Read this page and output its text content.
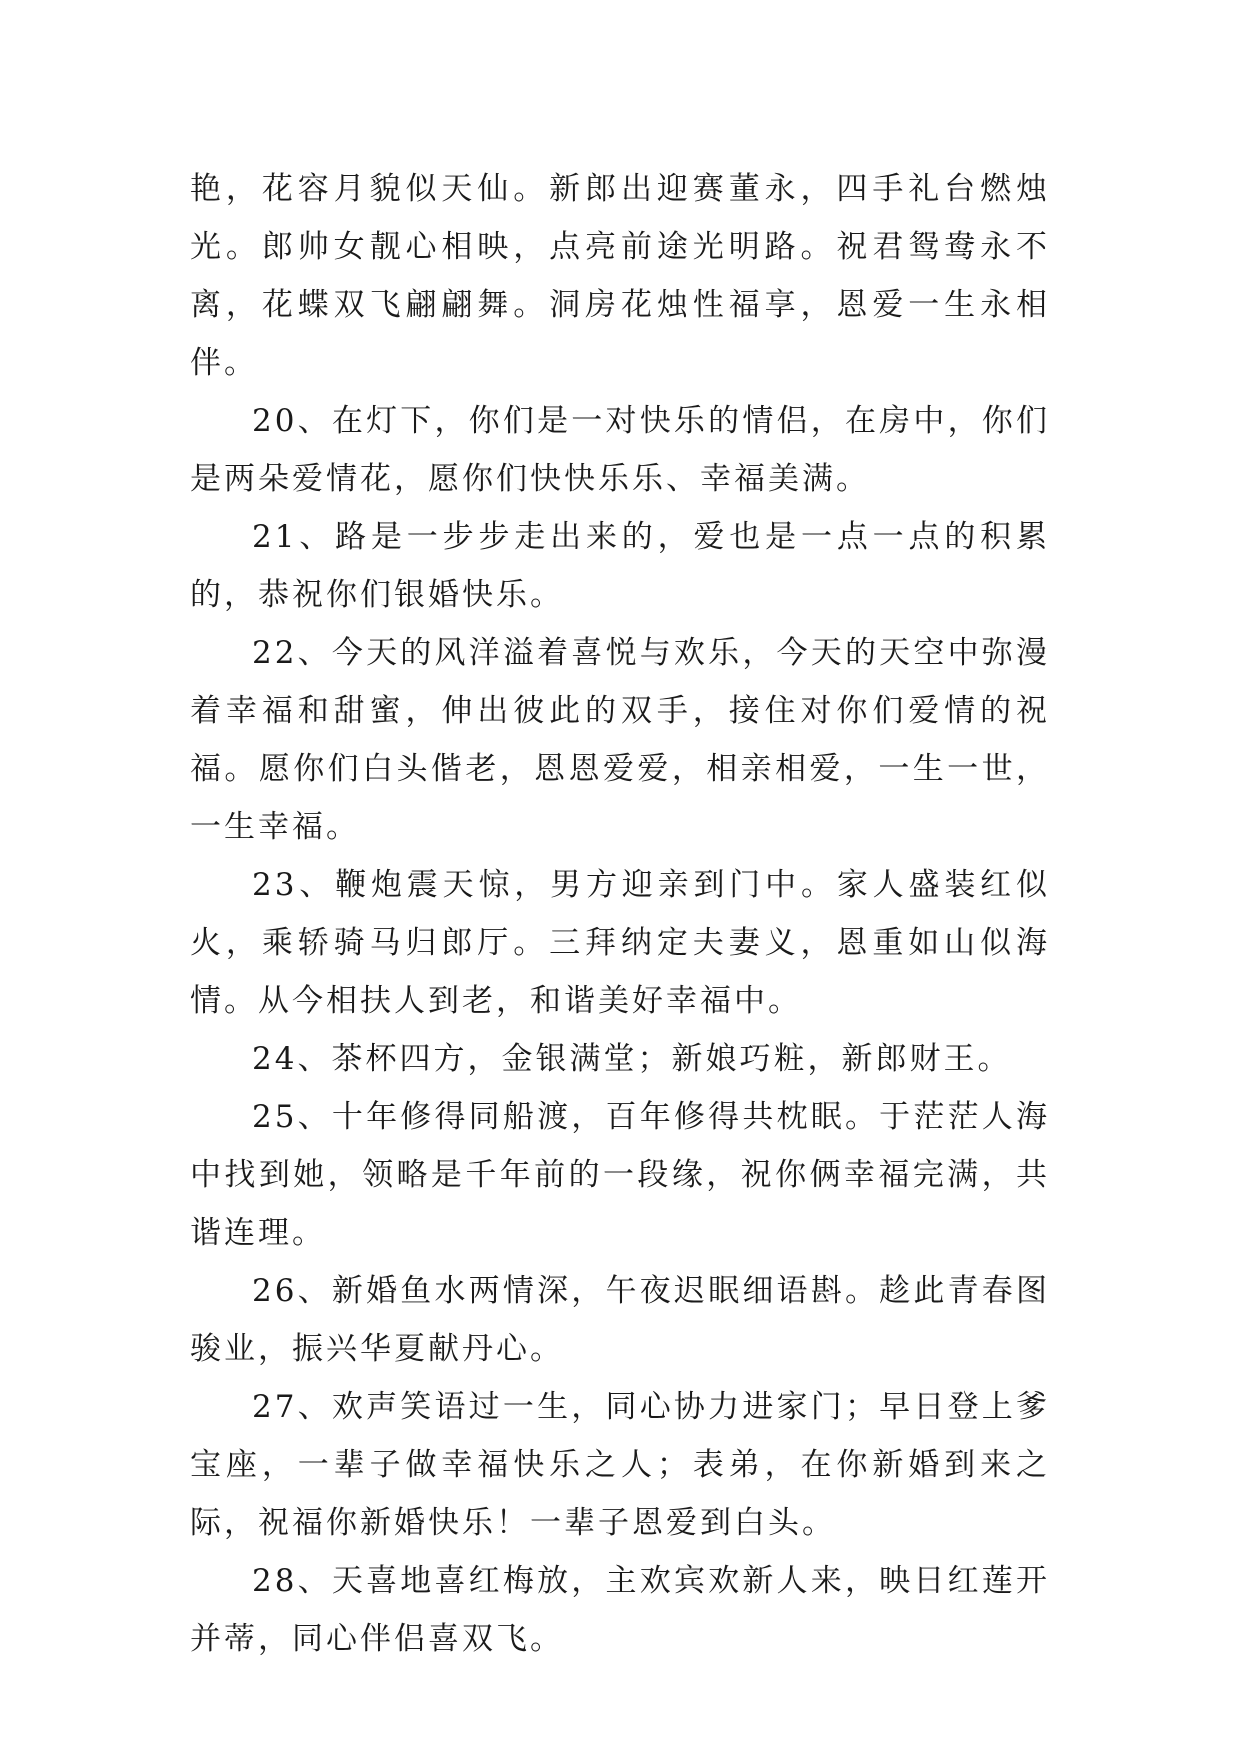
艳，花容月貌似天仙。新郎出迎赛董永，四手礼台燃烛光。郎帅女靓心相映，点亮前途光明路。祝君鸳鸯永不离，花蝶双飞翩翩舞。洞房花烛性福享，恩爱一生永相伴。

20、在灯下，你们是一对快乐的情侣，在房中，你们是两朵爱情花，愿你们快快乐乐、幸福美满。

21、路是一步步走出来的，爱也是一点一点的积累的，恭祝你们银婚快乐。

22、今天的风洋溢着喜悦与欢乐，今天的天空中弥漫着幸福和甜蜜，伸出彼此的双手，接住对你们爱情的祝福。愿你们白头偕老，恩恩爱爱，相亲相爱，一生一世，一生幸福。

23、鞭炮震天惊，男方迎亲到门中。家人盛装红似火，乘轿骑马归郎厅。三拜纳定夫妻义，恩重如山似海情。从今相扶人到老，和谐美好幸福中。

24、茶杯四方，金银满堂；新娘巧粧，新郎财王。

25、十年修得同船渡，百年修得共枕眠。于茫茫人海中找到她，领略是千年前的一段缘，祝你俩幸福完满，共谐连理。

26、新婚鱼水两情深，午夜迟眠细语斟。趁此青春图骏业，振兴华夏献丹心。

27、欢声笑语过一生，同心协力进家门；早日登上爹宝座，一辈子做幸福快乐之人；表弟，在你新婚到来之际，祝福你新婚快乐！一辈子恩爱到白头。

28、天喜地喜红梅放，主欢宾欢新人来，映日红莲开并蒂，同心伴侣喜双飞。
